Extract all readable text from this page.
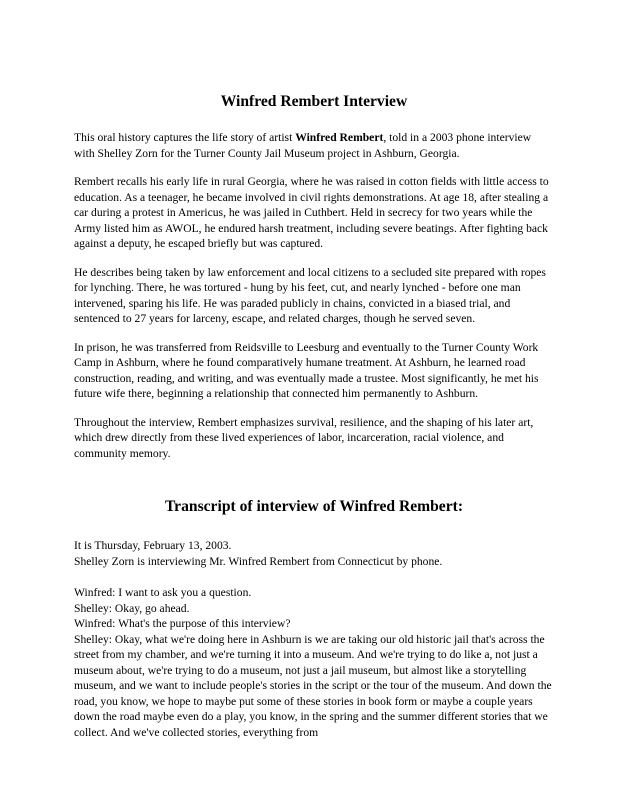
Winfred Rembert Interview

This oral history captures the life story of artist Winfred Rembert, told in a 2003 phone interview with Shelley Zorn for the Turner County Jail Museum project in Ashburn, Georgia.

Rembert recalls his early life in rural Georgia, where he was raised in cotton fields with little access to education. As a teenager, he became involved in civil rights demonstrations. At age 18, after stealing a car during a protest in Americus, he was jailed in Cuthbert. Held in secrecy for two years while the Army listed him as AWOL, he endured harsh treatment, including severe beatings. After fighting back against a deputy, he escaped briefly but was captured.

He describes being taken by law enforcement and local citizens to a secluded site prepared with ropes for lynching. There, he was tortured - hung by his feet, cut, and nearly lynched - before one man intervened, sparing his life. He was paraded publicly in chains, convicted in a biased trial, and sentenced to 27 years for larceny, escape, and related charges, though he served seven.

In prison, he was transferred from Reidsville to Leesburg and eventually to the Turner County Work Camp in Ashburn, where he found comparatively humane treatment. At Ashburn, he learned road construction, reading, and writing, and was eventually made a trustee. Most significantly, he met his future wife there, beginning a relationship that connected him permanently to Ashburn.

Throughout the interview, Rembert emphasizes survival, resilience, and the shaping of his later art, which drew directly from these lived experiences of labor, incarceration, racial violence, and community memory.

Transcript of interview of Winfred Rembert:

It is Thursday, February 13, 2003.

Shelley Zorn is interviewing Mr. Winfred Rembert from Connecticut by phone.

Winfred: I want to ask you a question.

Shelley: Okay, go ahead.

Winfred: What's the purpose of this interview?

Shelley: Okay, what we're doing here in Ashburn is we are taking our old historic jail that's across the street from my chamber, and we're turning it into a museum. And we're trying to do like a, not just a museum about, we're trying to do a museum, not just a jail museum, but almost like a storytelling museum, and we want to include people's stories in the script or the tour of the museum. And down the road, you know, we hope to maybe put some of these stories in book form or maybe a couple years down the road maybe even do a play, you know, in the spring and the summer different stories that we collect. And we've collected stories, everything from
